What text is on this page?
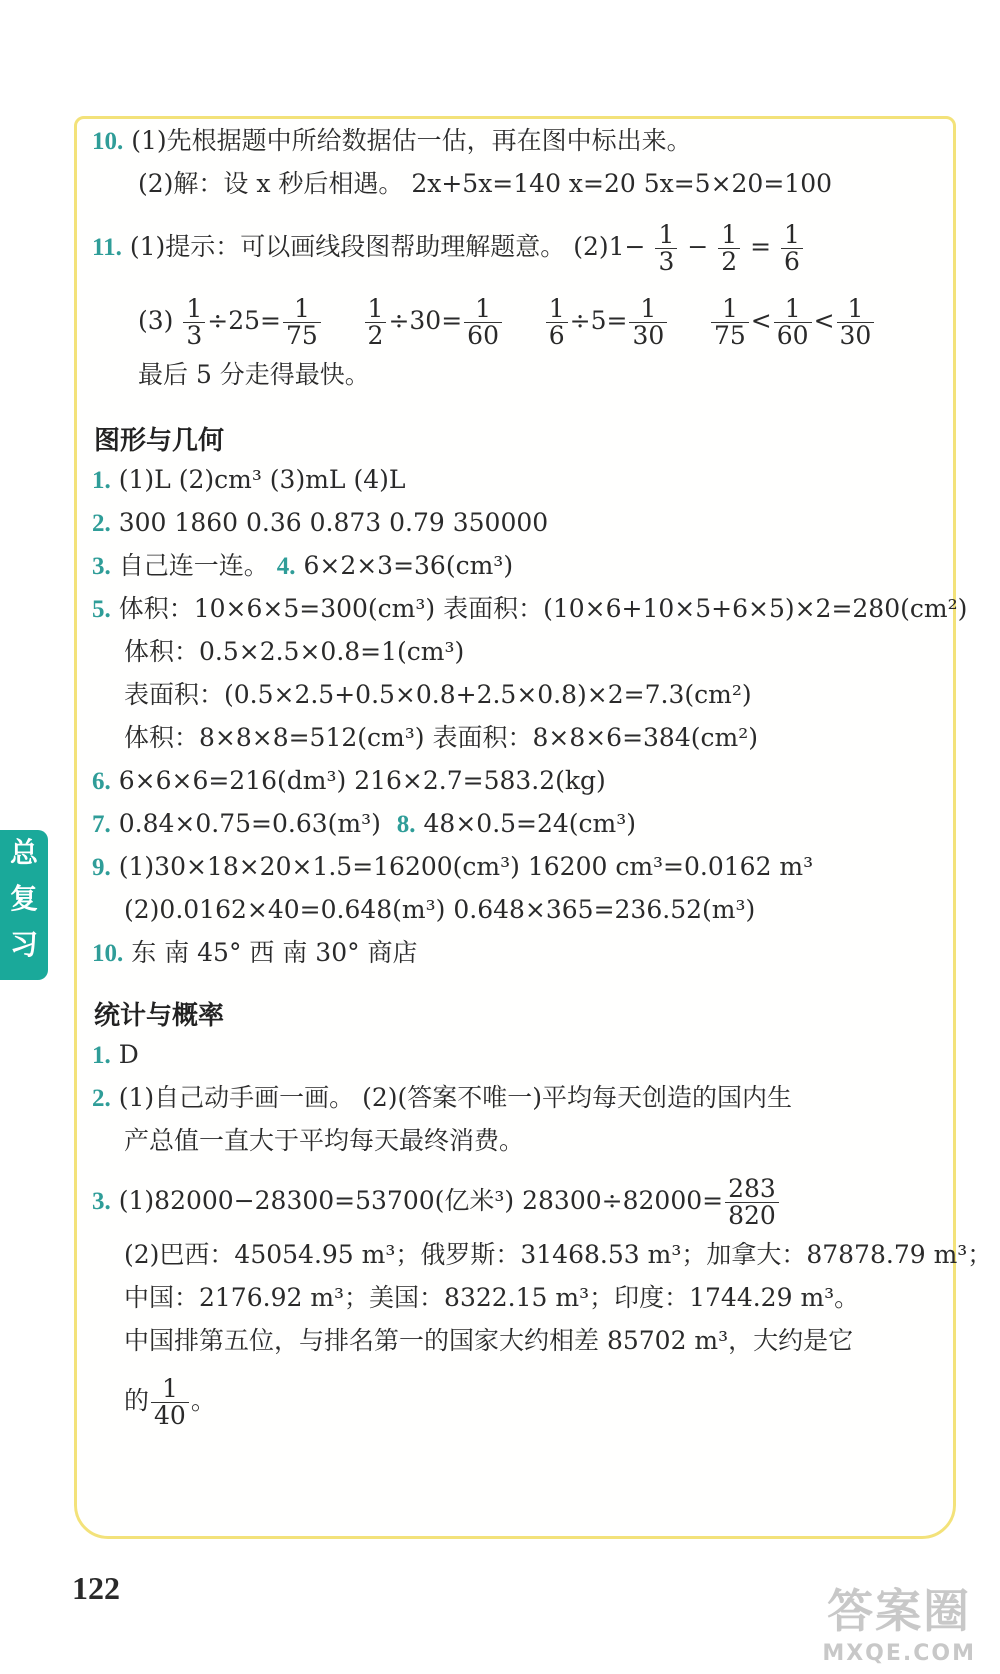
10. (1)先根据题中所给数据估一估，再在图中标出来。
(2)解：设 x 秒后相遇。 2x+5x=140 x=20 5x=5×20=100
11. (1)提示：可以画线段图帮助理解题意。 $(2)1- \frac{1}{3} - \frac{1}{2} = \frac{1}{6}$
$(3) \frac{1}{3} \div 25= \frac{1}{75}$
$\frac{1}{2} \div 30= \frac{1}{60}$
$\frac{1}{6} \div 5= \frac{1}{30}$
$\frac{1}{75} < \frac{1}{60} < \frac{1}{30}$
最后 5 分走得最快。
图形与几何
1. (1)L (2)cm³ (3)mL (4)L
2. 300 1860 0.36 0.873 0.79 350000
3. 自己连一连。 4. 6×2×3=36(cm³)
5. 体积：10×6×5=300(cm³) 表面积：(10×6+10×5+6×5)×2=280(cm²)
体积：0.5×2.5×0.8=1(cm³)
表面积：(0.5×2.5+0.5×0.8+2.5×0.8)×2=7.3(cm²)
体积：8×8×8=512(cm³) 表面积：8×8×6=384(cm²)
6. 6×6×6=216(dm³) 216×2.7=583.2(kg)
7. 0.84×0.75=0.63(m³) 8. 48×0.5=24(cm³)
9. (1)30×18×20×1.5=16200(cm³) 16200 cm³=0.0162 m³
(2)0.0162×40=0.648(m³) 0.648×365=236.52(m³)
10. 东 南 45° 西 南 30° 商店
统计与概率
1. D
2. (1)自己动手画一画。 (2)(答案不唯一)平均每天创造的国内生
产总值一直大于平均每天最终消费。
3. (1)82000−28300=53700(亿米³) $28300\div 82000= \frac{283}{820}$
(2)巴西：45054.95 m³；俄罗斯：31468.53 m³；加拿大：87878.79 m³；
中国：2176.92 m³；美国：8322.15 m³；印度：1744.29 m³。
中国排第五位，与排名第一的国家大约相差 85702 m³，大约是它
的 $\frac{1}{40}$ 。
总
复
习
122	答案圈
MXQE.COM
